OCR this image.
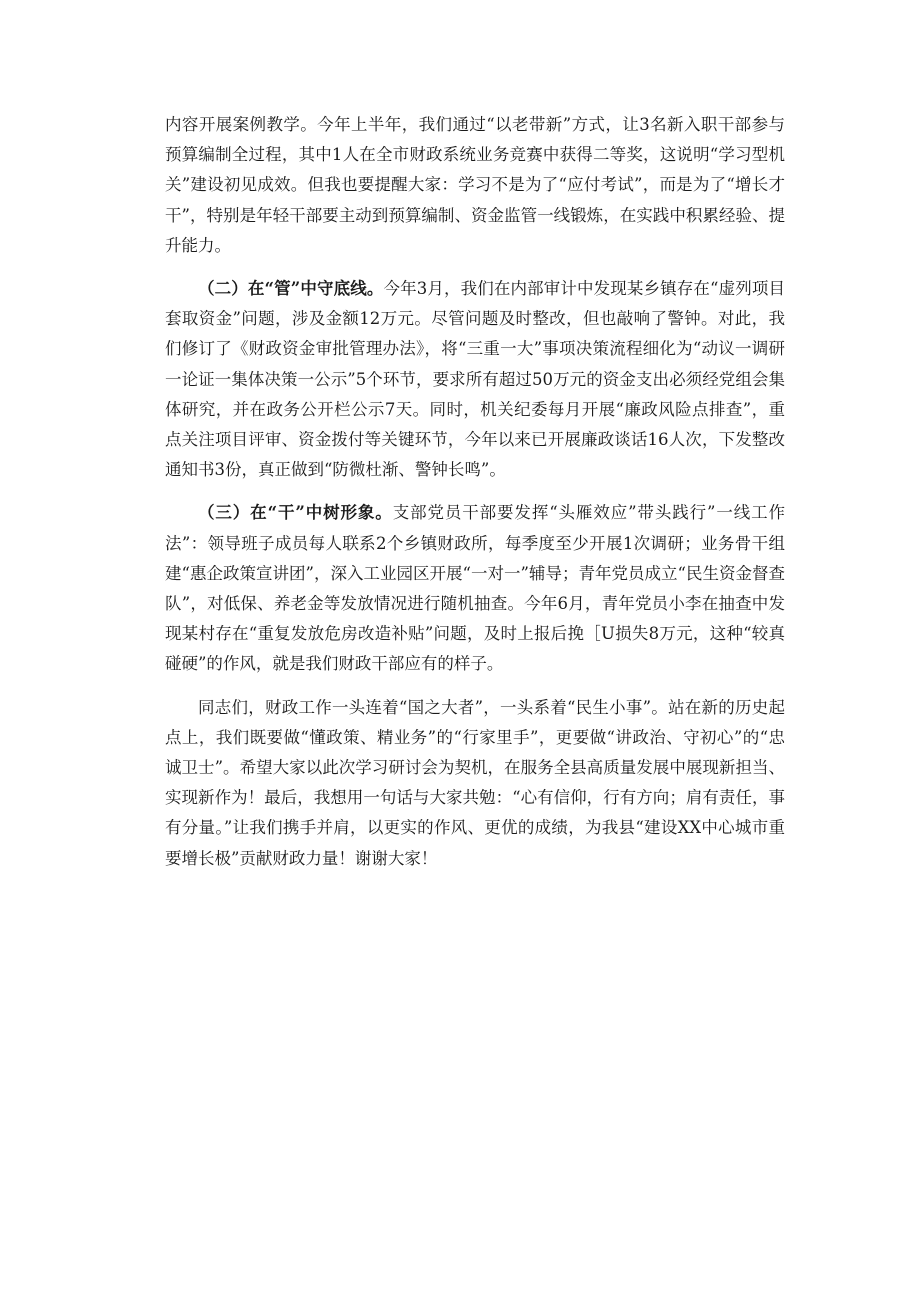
内容开展案例教学。今年上半年，我们通过“以老带新”方式，让3名新入职干部参与预算编制全过程，其中1人在全市财政系统业务竞赛中获得二等奖，这说明“学习型机关”建设初见成效。但我也要提醒大家：学习不是为了“应付考试”，而是为了“增长才干”，特别是年轻干部要主动到预算编制、资金监管一线锻炼，在实践中积累经验、提升能力。

（二）在“管”中守底线。今年3月，我们在内部审计中发现某乡镇存在“虚列项目套取资金”问题，涉及金额12万元。尽管问题及时整改，但也敲响了警钟。对此，我们修订了《财政资金审批管理办法》，将“三重一大”事项决策流程细化为“动议一调研一论证一集体决策一公示”5个环节，要求所有超过50万元的资金支出必须经党组会集体研究，并在政务公开栏公示7天。同时，机关纪委每月开展“廉政风险点排查”，重点关注项目评审、资金拨付等关键环节，今年以来已开展廉政谈话16人次，下发整改通知书3份，真正做到“防微杜渐、警钟长鸣”。

（三）在“干”中树形象。支部党员干部要发挥“头雁效应”带头践行”一线工作法”：领导班子成员每人联系2个乡镇财政所，每季度至少开展1次调研；业务骨干组建“惠企政策宣讲团”，深入工业园区开展“一对一”辅导；青年党员成立“民生资金督查队”，对低保、养老金等发放情况进行随机抽查。今年6月，青年党员小李在抽查中发现某村存在“重复发放危房改造补贴”问题，及时上报后挽［U损失8万元，这种“较真碰硬”的作风，就是我们财政干部应有的样子。

同志们，财政工作一头连着“国之大者”，一头系着“民生小事”。站在新的历史起点上，我们既要做“懂政策、精业务”的“行家里手”，更要做“讲政治、守初心”的“忠诚卫士”。希望大家以此次学习研讨会为契机，在服务全县高质量发展中展现新担当、实现新作为！最后，我想用一句话与大家共勉：“心有信仰，行有方向；肩有责任，事有分量。”让我们携手并肩，以更实的作风、更优的成绩，为我县“建设XX中心城市重要增长极”贡献财政力量！谢谢大家！
